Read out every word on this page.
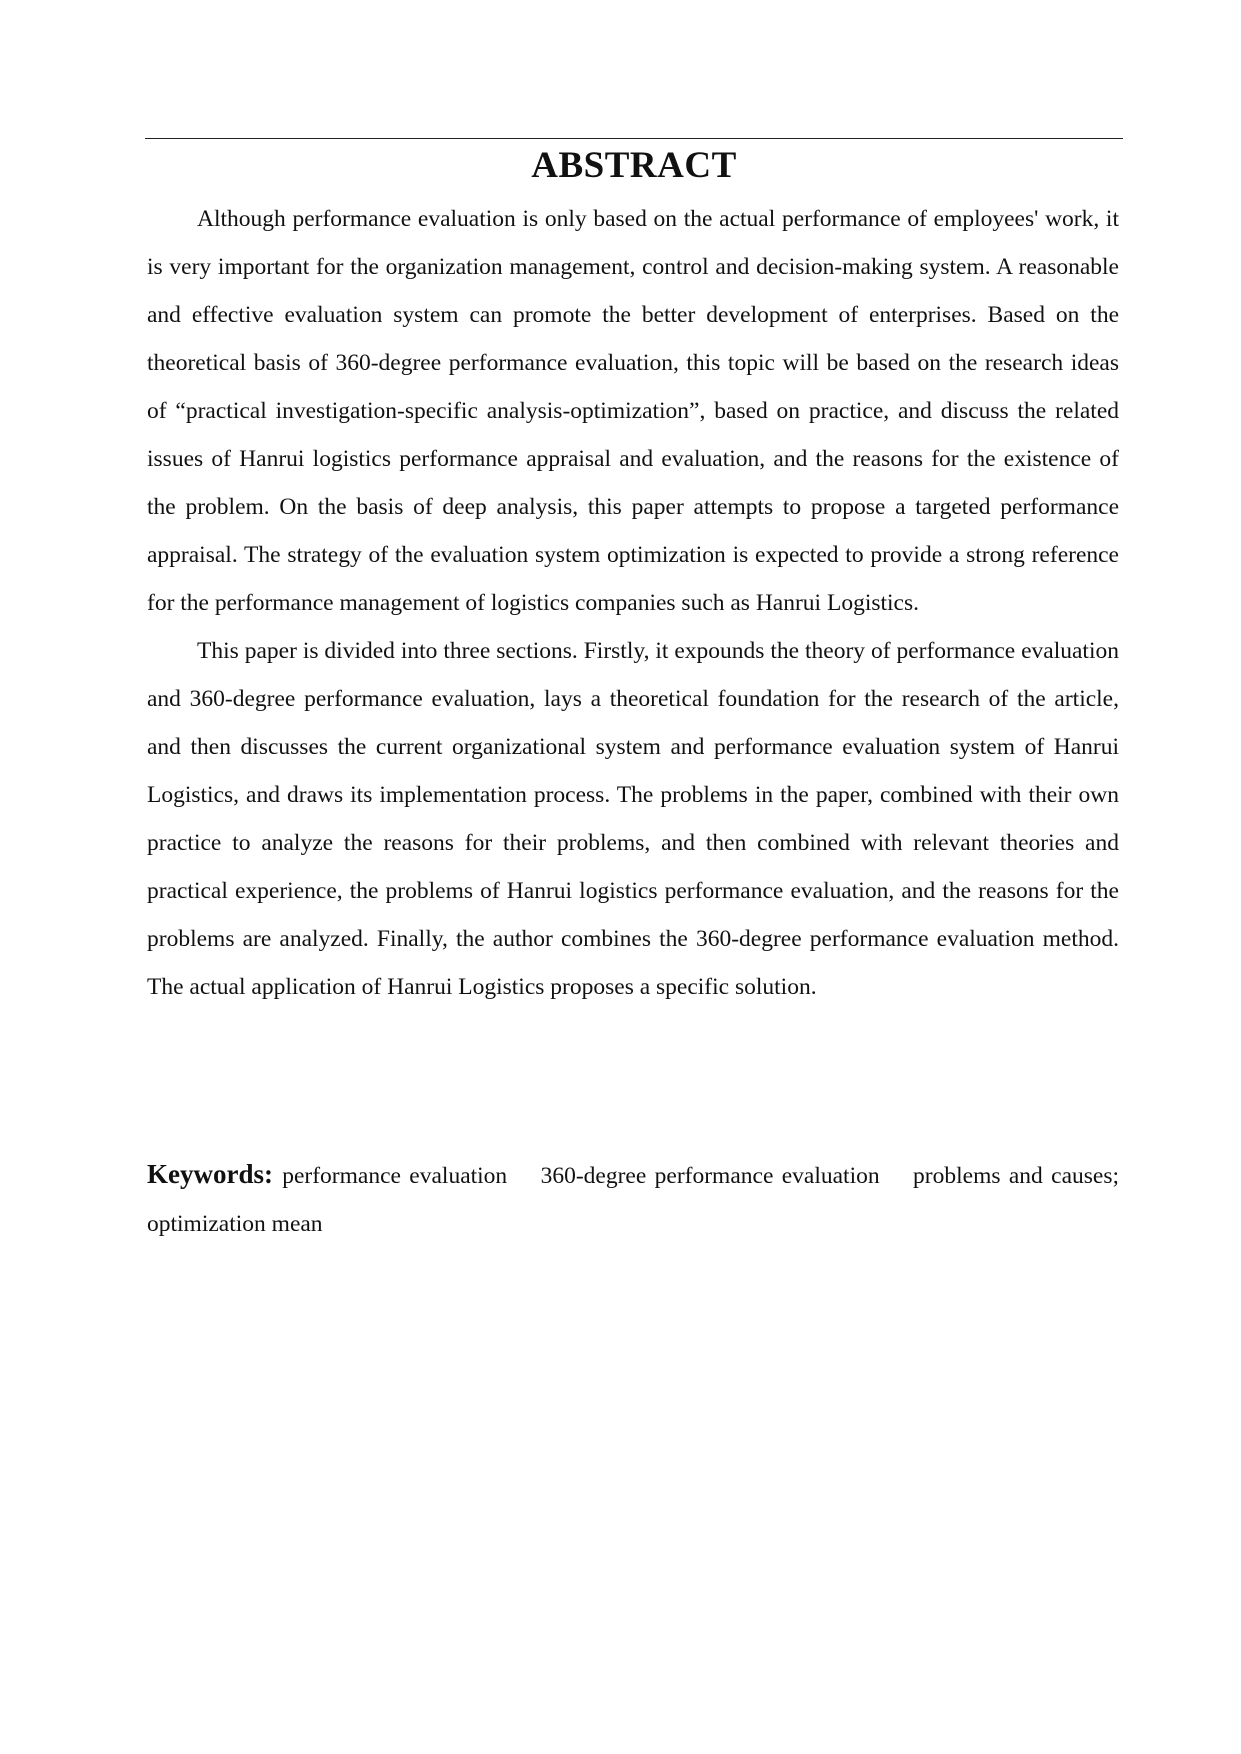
ABSTRACT

Although performance evaluation is only based on the actual performance of employees' work, it is very important for the organization management, control and decision-making system. A reasonable and effective evaluation system can promote the better development of enterprises. Based on the theoretical basis of 360-degree performance evaluation, this topic will be based on the research ideas of “practical investigation-specific analysis-optimization”, based on practice, and discuss the related issues of Hanrui logistics performance appraisal and evaluation, and the reasons for the existence of the problem. On the basis of deep analysis, this paper attempts to propose a targeted performance appraisal. The strategy of the evaluation system optimization is expected to provide a strong reference for the performance management of logistics companies such as Hanrui Logistics.

This paper is divided into three sections. Firstly, it expounds the theory of performance evaluation and 360-degree performance evaluation, lays a theoretical foundation for the research of the article, and then discusses the current organizational system and performance evaluation system of Hanrui Logistics, and draws its implementation process. The problems in the paper, combined with their own practice to analyze the reasons for their problems, and then combined with relevant theories and practical experience, the problems of Hanrui logistics performance evaluation, and the reasons for the problems are analyzed. Finally, the author combines the 360-degree performance evaluation method. The actual application of Hanrui Logistics proposes a specific solution.

Keywords: performance evaluation    360-degree performance evaluation    problems and causes; optimization mean
